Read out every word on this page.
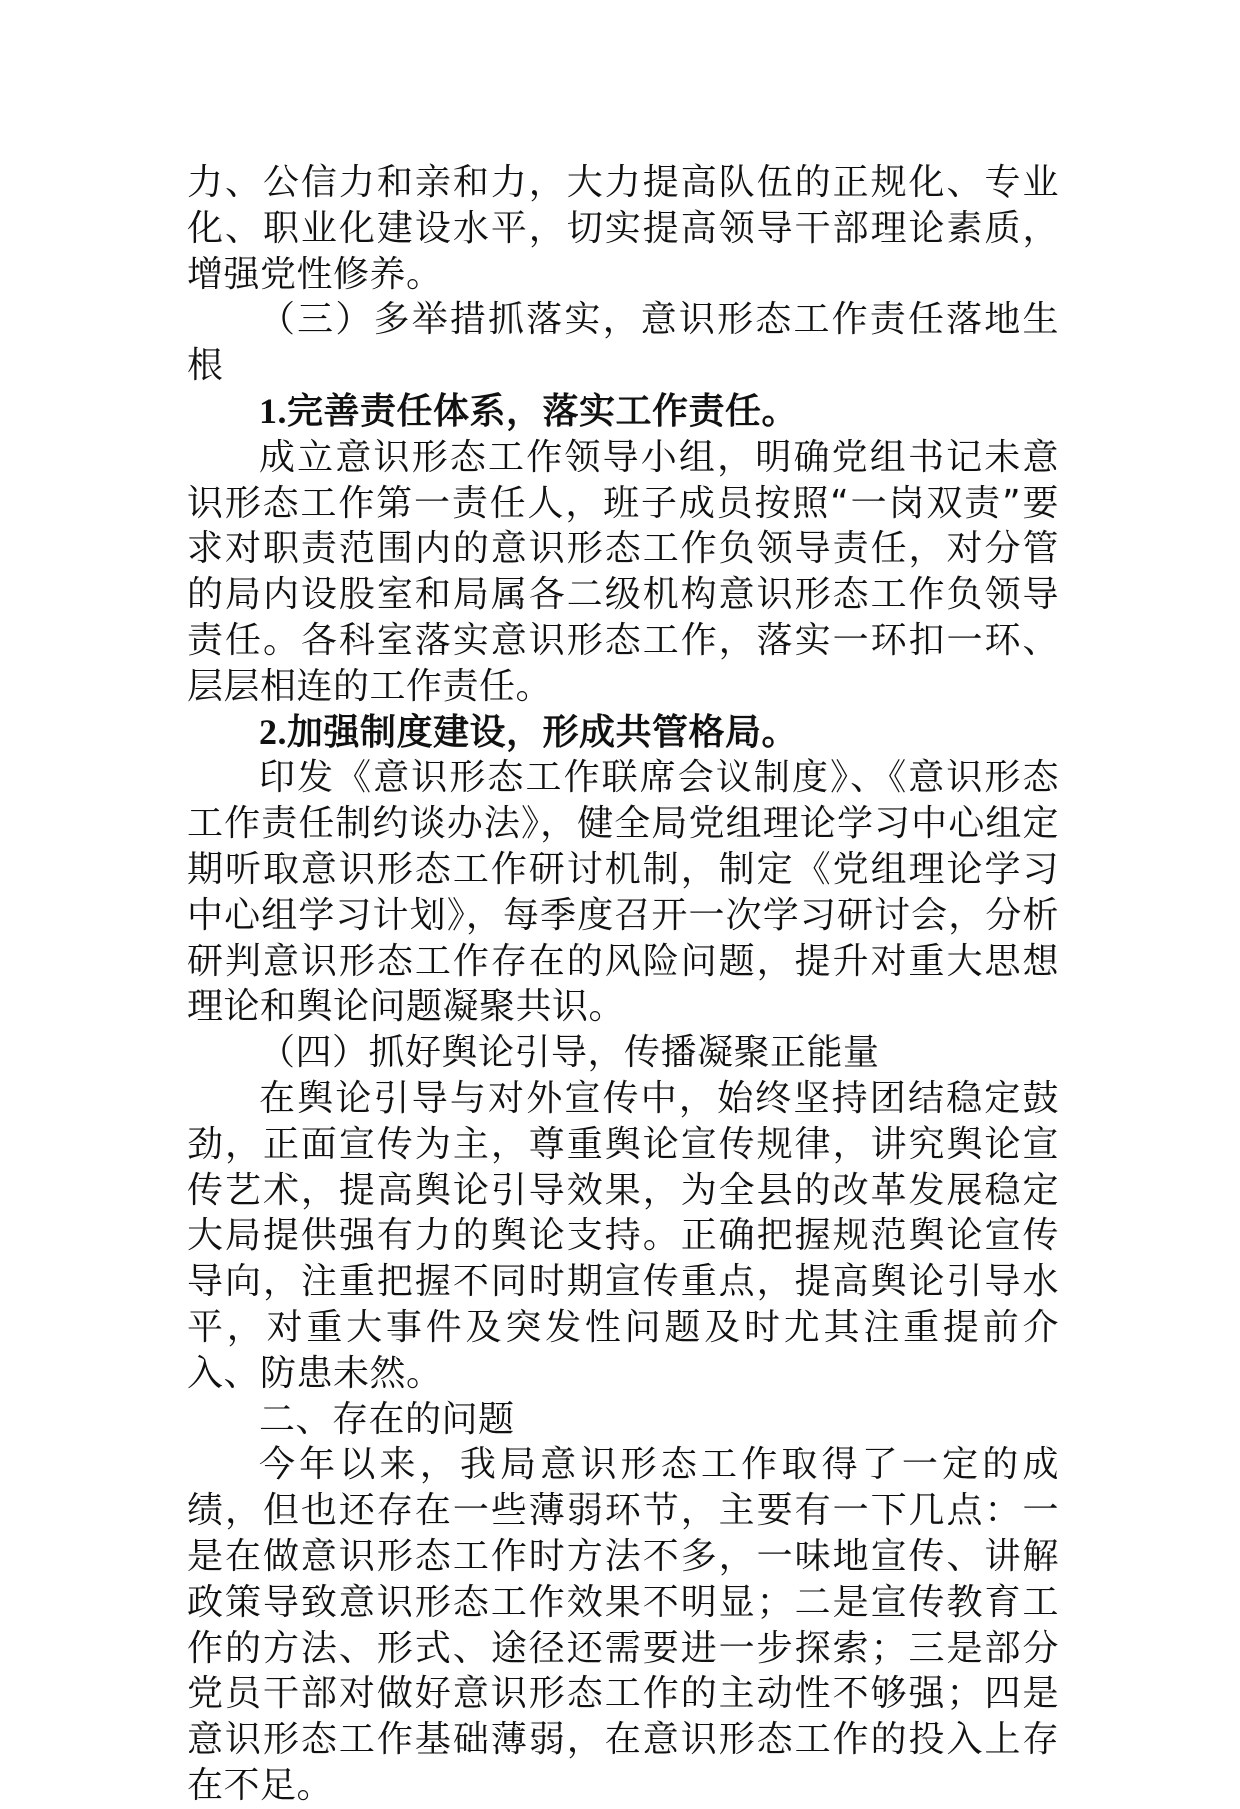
力、公信力和亲和力，大力提高队伍的正规化、专业化、职业化建设水平，切实提高领导干部理论素质，增强党性修养。

（三）多举措抓落实，意识形态工作责任落地生根

1.完善责任体系，落实工作责任。

成立意识形态工作领导小组，明确党组书记未意识形态工作第一责任人，班子成员按照“一岗双责”要求对职责范围内的意识形态工作负领导责任，对分管的局内设股室和局属各二级机构意识形态工作负领导责任。各科室落实意识形态工作，落实一环扣一环、层层相连的工作责任。

2.加强制度建设，形成共管格局。

印发《意识形态工作联席会议制度》、《意识形态工作责任制约谈办法》，健全局党组理论学习中心组定期听取意识形态工作研讨机制，制定《党组理论学习中心组学习计划》，每季度召开一次学习研讨会，分析研判意识形态工作存在的风险问题，提升对重大思想理论和舆论问题凝聚共识。

（四）抓好舆论引导，传播凝聚正能量

在舆论引导与对外宣传中，始终坚持团结稳定鼓劲，正面宣传为主，尊重舆论宣传规律，讲究舆论宣传艺术，提高舆论引导效果，为全县的改革发展稳定大局提供强有力的舆论支持。正确把握规范舆论宣传导向，注重把握不同时期宣传重点，提高舆论引导水平，对重大事件及突发性问题及时尤其注重提前介入、防患未然。

二、存在的问题

今年以来，我局意识形态工作取得了一定的成绩，但也还存在一些薄弱环节，主要有一下几点：一是在做意识形态工作时方法不多，一味地宣传、讲解政策导致意识形态工作效果不明显；二是宣传教育工作的方法、形式、途径还需要进一步探索；三是部分党员干部对做好意识形态工作的主动性不够强；四是意识形态工作基础薄弱，在意识形态工作的投入上存在不足。
